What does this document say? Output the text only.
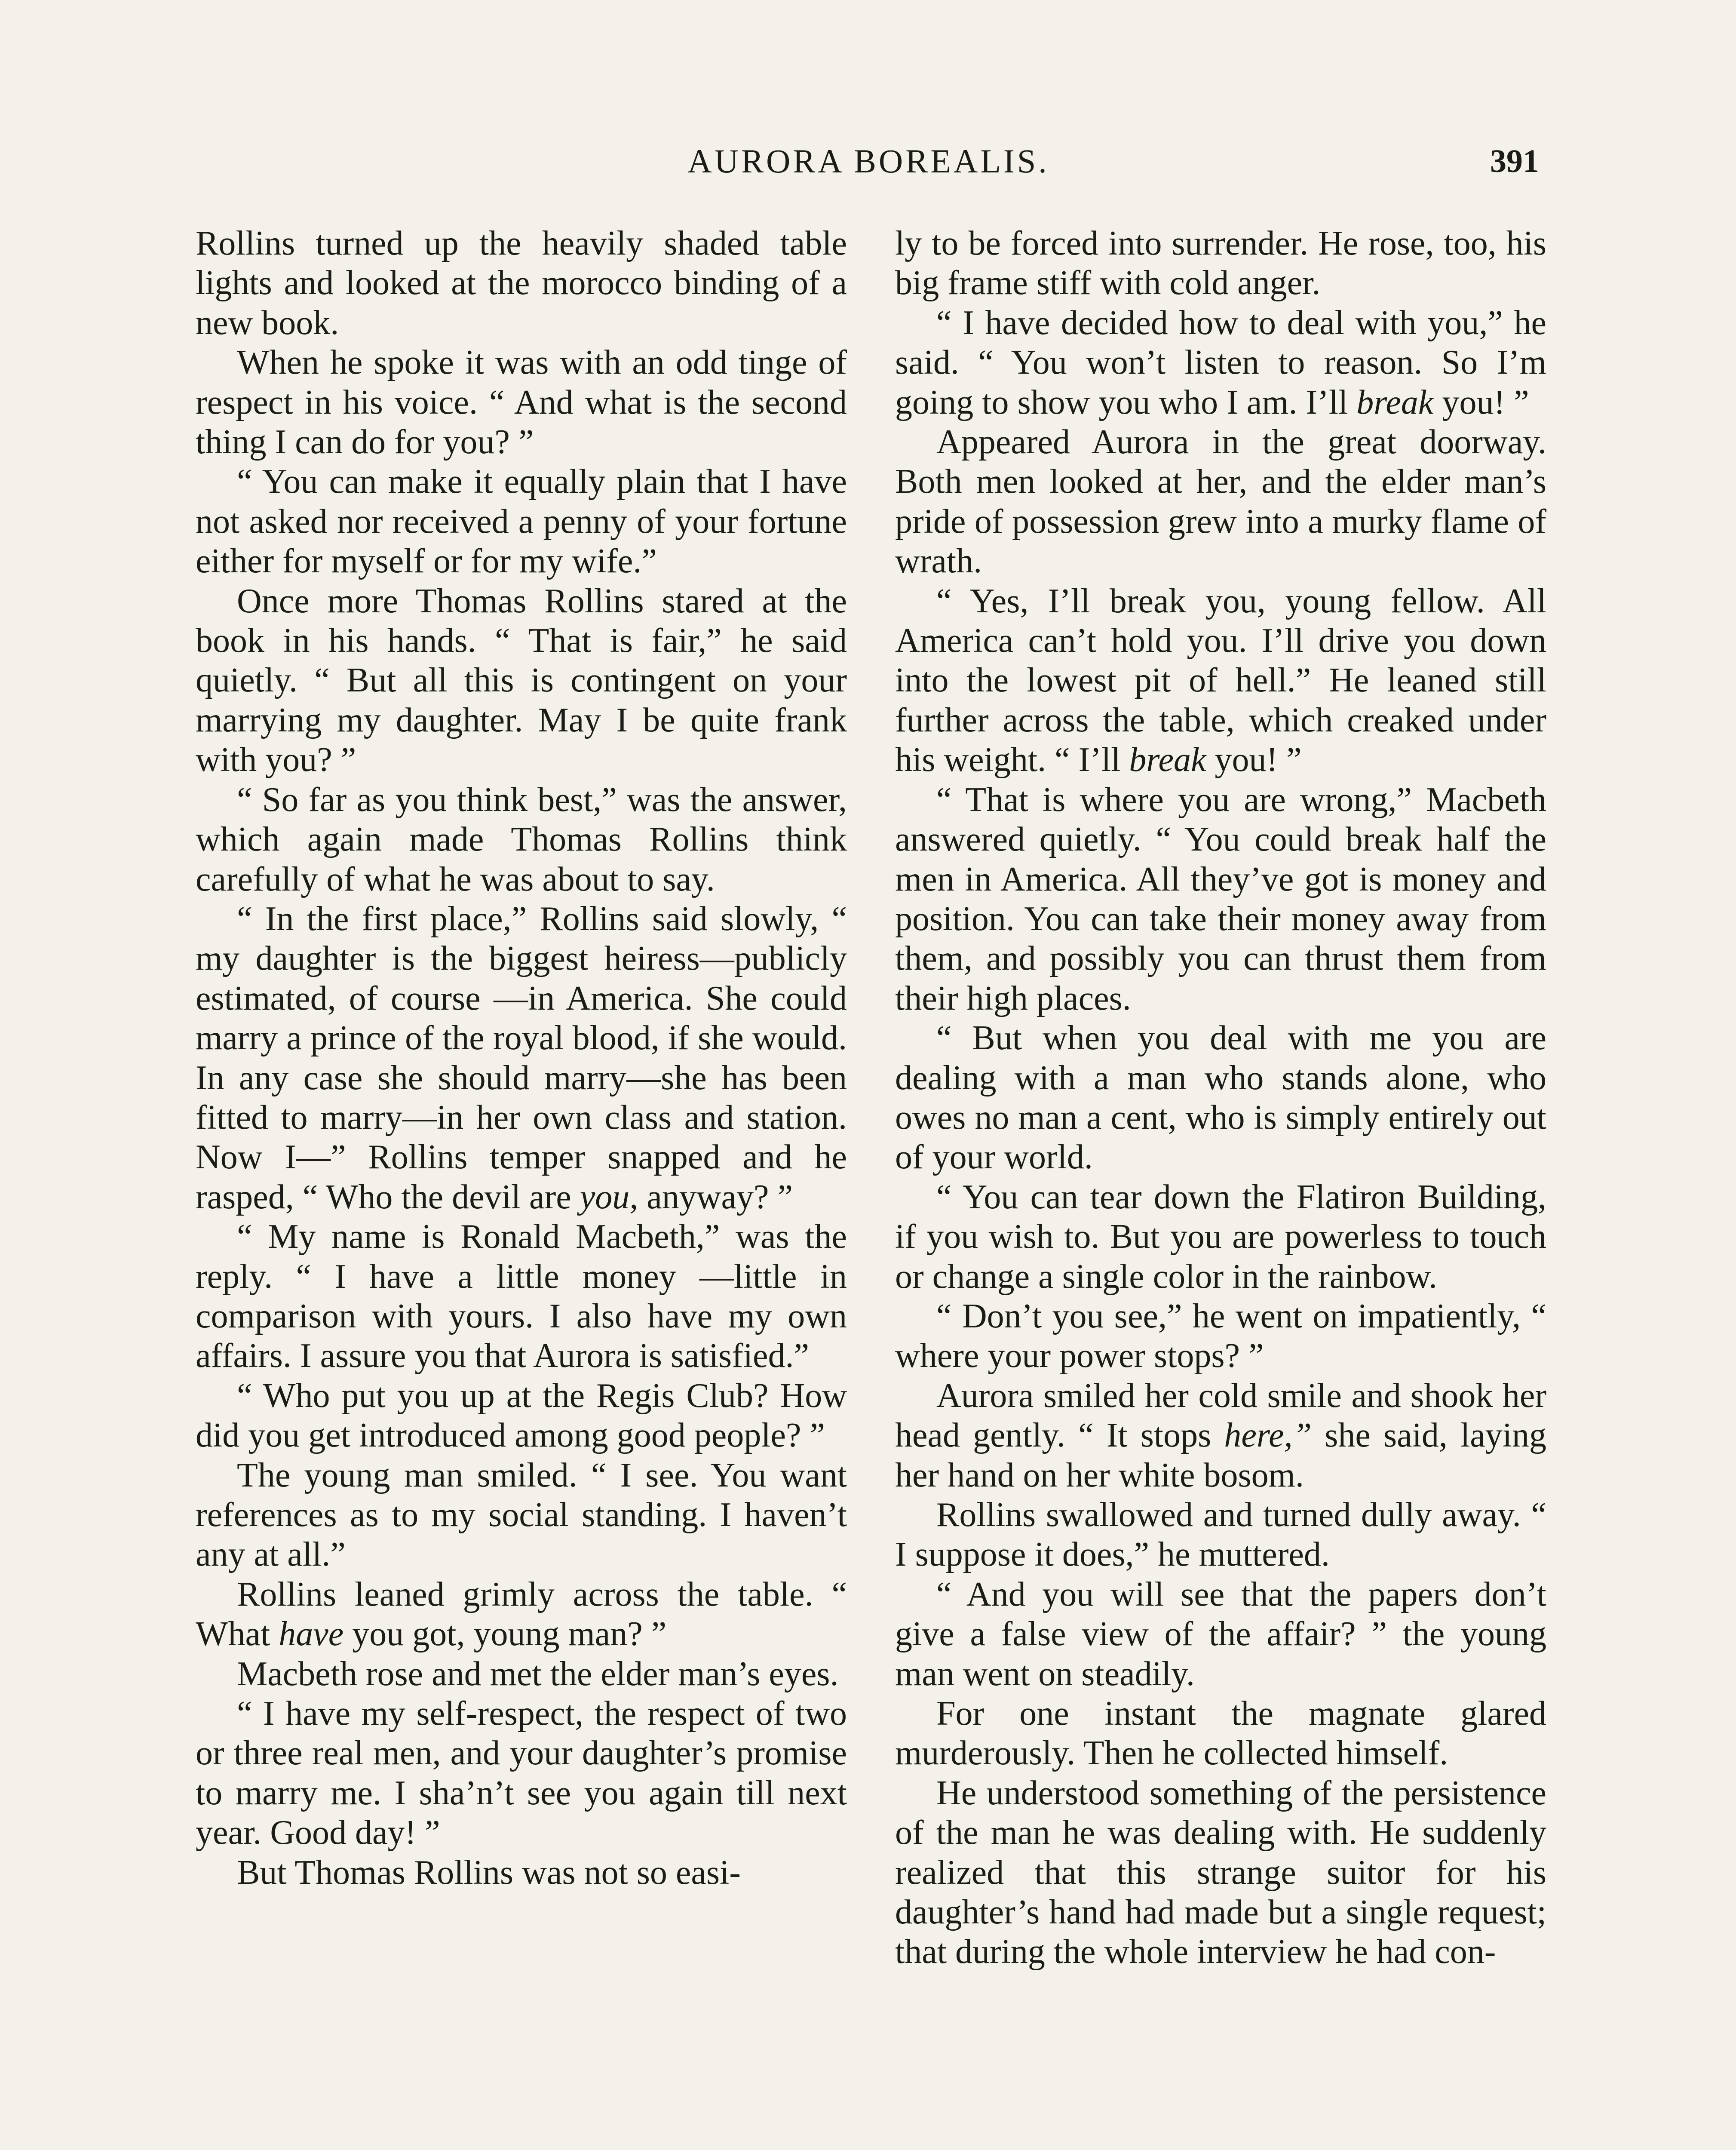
AURORA BOREALIS.	391

Rollins turned up the heavily shaded table lights and looked at the morocco binding of a new book.

When he spoke it was with an odd tinge of respect in his voice. “ And what is the second thing I can do for you? ”

“ You can make it equally plain that I have not asked nor received a penny of your fortune either for myself or for my wife.”

Once more Thomas Rollins stared at the book in his hands. “ That is fair,” he said quietly. “ But all this is contingent on your marrying my daughter. May I be quite frank with you? ”

“ So far as you think best,” was the answer, which again made Thomas Rollins think carefully of what he was about to say.

“ In the first place,” Rollins said slowly, “ my daughter is the biggest heiress—publicly estimated, of course —in America. She could marry a prince of the royal blood, if she would. In any case she should marry—she has been fitted to marry—in her own class and station. Now I—” Rollins temper snapped and he rasped, “ Who the devil are you, anyway? ”

“ My name is Ronald Macbeth,” was the reply. “ I have a little money —little in comparison with yours. I also have my own affairs. I assure you that Aurora is satisfied.”

“ Who put you up at the Regis Club? How did you get introduced among good people? ”

The young man smiled. “ I see. You want references as to my social standing. I haven’t any at all.”

Rollins leaned grimly across the table. “ What have you got, young man? ”

Macbeth rose and met the elder man’s eyes.

“ I have my self-respect, the respect of two or three real men, and your daughter’s promise to marry me. I sha’n’t see you again till next year. Good day! ”

But Thomas Rollins was not so easi-

ly to be forced into surrender. He rose, too, his big frame stiff with cold anger.

“ I have decided how to deal with you,” he said. “ You won’t listen to reason. So I’m going to show you who I am. I’ll break you! ”

Appeared Aurora in the great doorway. Both men looked at her, and the elder man’s pride of possession grew into a murky flame of wrath.

“ Yes, I’ll break you, young fellow. All America can’t hold you. I’ll drive you down into the lowest pit of hell.” He leaned still further across the table, which creaked under his weight. “ I’ll break you! ”

“ That is where you are wrong,” Macbeth answered quietly. “ You could break half the men in America. All they’ve got is money and position. You can take their money away from them, and possibly you can thrust them from their high places.

“ But when you deal with me you are dealing with a man who stands alone, who owes no man a cent, who is simply entirely out of your world.

“ You can tear down the Flatiron Building, if you wish to. But you are powerless to touch or change a single color in the rainbow.

“ Don’t you see,” he went on impatiently, “ where your power stops? ”

Aurora smiled her cold smile and shook her head gently. “ It stops here,” she said, laying her hand on her white bosom.

Rollins swallowed and turned dully away. “ I suppose it does,” he muttered.

“ And you will see that the papers don’t give a false view of the affair? ” the young man went on steadily.

For one instant the magnate glared murderously. Then he collected himself.

He understood something of the persistence of the man he was dealing with. He suddenly realized that this strange suitor for his daughter’s hand had made but a single request; that during the whole interview he had con-
